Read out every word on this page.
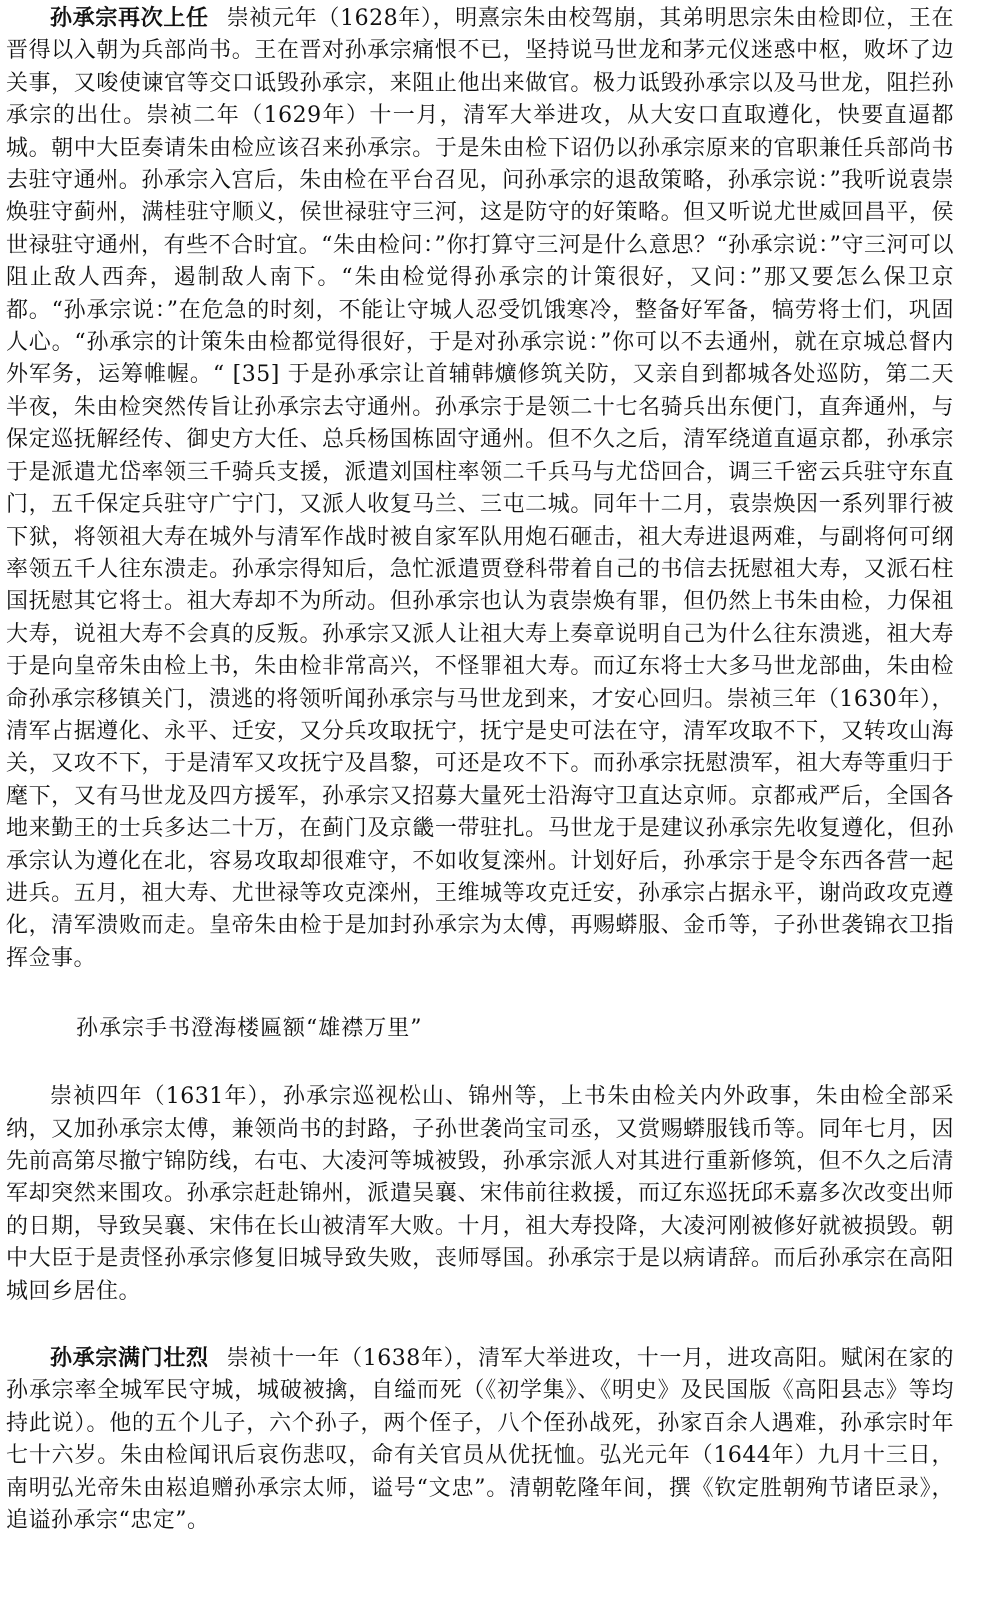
孙承宗再次上任 崇祯元年（1628年），明熹宗朱由校驾崩，其弟明思宗朱由检即位，王在晋得以入朝为兵部尚书。王在晋对孙承宗痛恨不已，坚持说马世龙和茅元仪迷惑中枢，败坏了边关事，又唆使谏官等交口诋毁孙承宗，来阻止他出来做官。极力诋毁孙承宗以及马世龙，阻拦孙承宗的出仕。崇祯二年（1629年）十一月，清军大举进攻，从大安口直取遵化，快要直逼都城。朝中大臣奏请朱由检应该召来孙承宗。于是朱由检下诏仍以孙承宗原来的官职兼任兵部尚书去驻守通州。孙承宗入宫后，朱由检在平台召见，问孙承宗的退敌策略，孙承宗说：”我听说袁崇焕驻守蓟州，满桂驻守顺义，侯世禄驻守三河，这是防守的好策略。但又听说尤世威回昌平，侯世禄驻守通州，有些不合时宜。“朱由检问：”你打算守三河是什么意思？“孙承宗说：”守三河可以阻止敌人西奔，遏制敌人南下。“朱由检觉得孙承宗的计策很好，又问：”那又要怎么保卫京都。“孙承宗说：”在危急的时刻，不能让守城人忍受饥饿寒冷，整备好军备，犒劳将士们，巩固人心。“孙承宗的计策朱由检都觉得很好，于是对孙承宗说：”你可以不去通州，就在京城总督内外军务，运筹帷幄。“ [35] 于是孙承宗让首辅韩爌修筑关防，又亲自到都城各处巡防，第二天半夜，朱由检突然传旨让孙承宗去守通州。孙承宗于是领二十七名骑兵出东便门，直奔通州，与保定巡抚解经传、御史方大任、总兵杨国栋固守通州。但不久之后，清军绕道直逼京都，孙承宗于是派遣尤岱率领三千骑兵支援，派遣刘国柱率领二千兵马与尤岱回合，调三千密云兵驻守东直门，五千保定兵驻守广宁门，又派人收复马兰、三屯二城。同年十二月，袁崇焕因一系列罪行被下狱，将领祖大寿在城外与清军作战时被自家军队用炮石砸击，祖大寿进退两难，与副将何可纲率领五千人往东溃走。孙承宗得知后，急忙派遣贾登科带着自己的书信去抚慰祖大寿，又派石柱国抚慰其它将士。祖大寿却不为所动。但孙承宗也认为袁崇焕有罪，但仍然上书朱由检，力保祖大寿，说祖大寿不会真的反叛。孙承宗又派人让祖大寿上奏章说明自己为什么往东溃逃，祖大寿于是向皇帝朱由检上书，朱由检非常高兴，不怪罪祖大寿。而辽东将士大多马世龙部曲，朱由检命孙承宗移镇关门，溃逃的将领听闻孙承宗与马世龙到来，才安心回归。崇祯三年（1630年），清军占据遵化、永平、迁安，又分兵攻取抚宁，抚宁是史可法在守，清军攻取不下，又转攻山海关，又攻不下，于是清军又攻抚宁及昌黎，可还是攻不下。而孙承宗抚慰溃军，祖大寿等重归于麾下，又有马世龙及四方援军，孙承宗又招募大量死士沿海守卫直达京师。京都戒严后，全国各地来勤王的士兵多达二十万，在蓟门及京畿一带驻扎。马世龙于是建议孙承宗先收复遵化，但孙承宗认为遵化在北，容易攻取却很难守，不如收复滦州。计划好后，孙承宗于是令东西各营一起进兵。五月，祖大寿、尤世禄等攻克滦州，王维城等攻克迁安，孙承宗占据永平，谢尚政攻克遵化，清军溃败而走。皇帝朱由检于是加封孙承宗为太傅，再赐蟒服、金币等，子孙世袭锦衣卫指挥佥事。

孙承宗手书澄海楼匾额“雄襟万里”

崇祯四年（1631年），孙承宗巡视松山、锦州等，上书朱由检关内外政事，朱由检全部采纳，又加孙承宗太傅，兼领尚书的封路，子孙世袭尚宝司丞，又赏赐蟒服钱币等。同年七月，因先前高第尽撤宁锦防线，右屯、大凌河等城被毁，孙承宗派人对其进行重新修筑，但不久之后清军却突然来围攻。孙承宗赶赴锦州，派遣吴襄、宋伟前往救援，而辽东巡抚邱禾嘉多次改变出师的日期，导致吴襄、宋伟在长山被清军大败。十月，祖大寿投降，大凌河刚被修好就被损毁。朝中大臣于是责怪孙承宗修复旧城导致失败，丧师辱国。孙承宗于是以病请辞。而后孙承宗在高阳城回乡居住。

孙承宗满门壮烈 崇祯十一年（1638年），清军大举进攻，十一月，进攻高阳。赋闲在家的孙承宗率全城军民守城，城破被擒，自缢而死（《初学集》、《明史》及民国版《高阳县志》等均持此说）。他的五个儿子，六个孙子，两个侄子，八个侄孙战死，孙家百余人遇难，孙承宗时年七十六岁。朱由检闻讯后哀伤悲叹，命有关官员从优抚恤。弘光元年（1644年）九月十三日，南明弘光帝朱由崧追赠孙承宗太师，谥号“文忠”。清朝乾隆年间，撰《钦定胜朝殉节诸臣录》，追谥孙承宗“忠定”。
